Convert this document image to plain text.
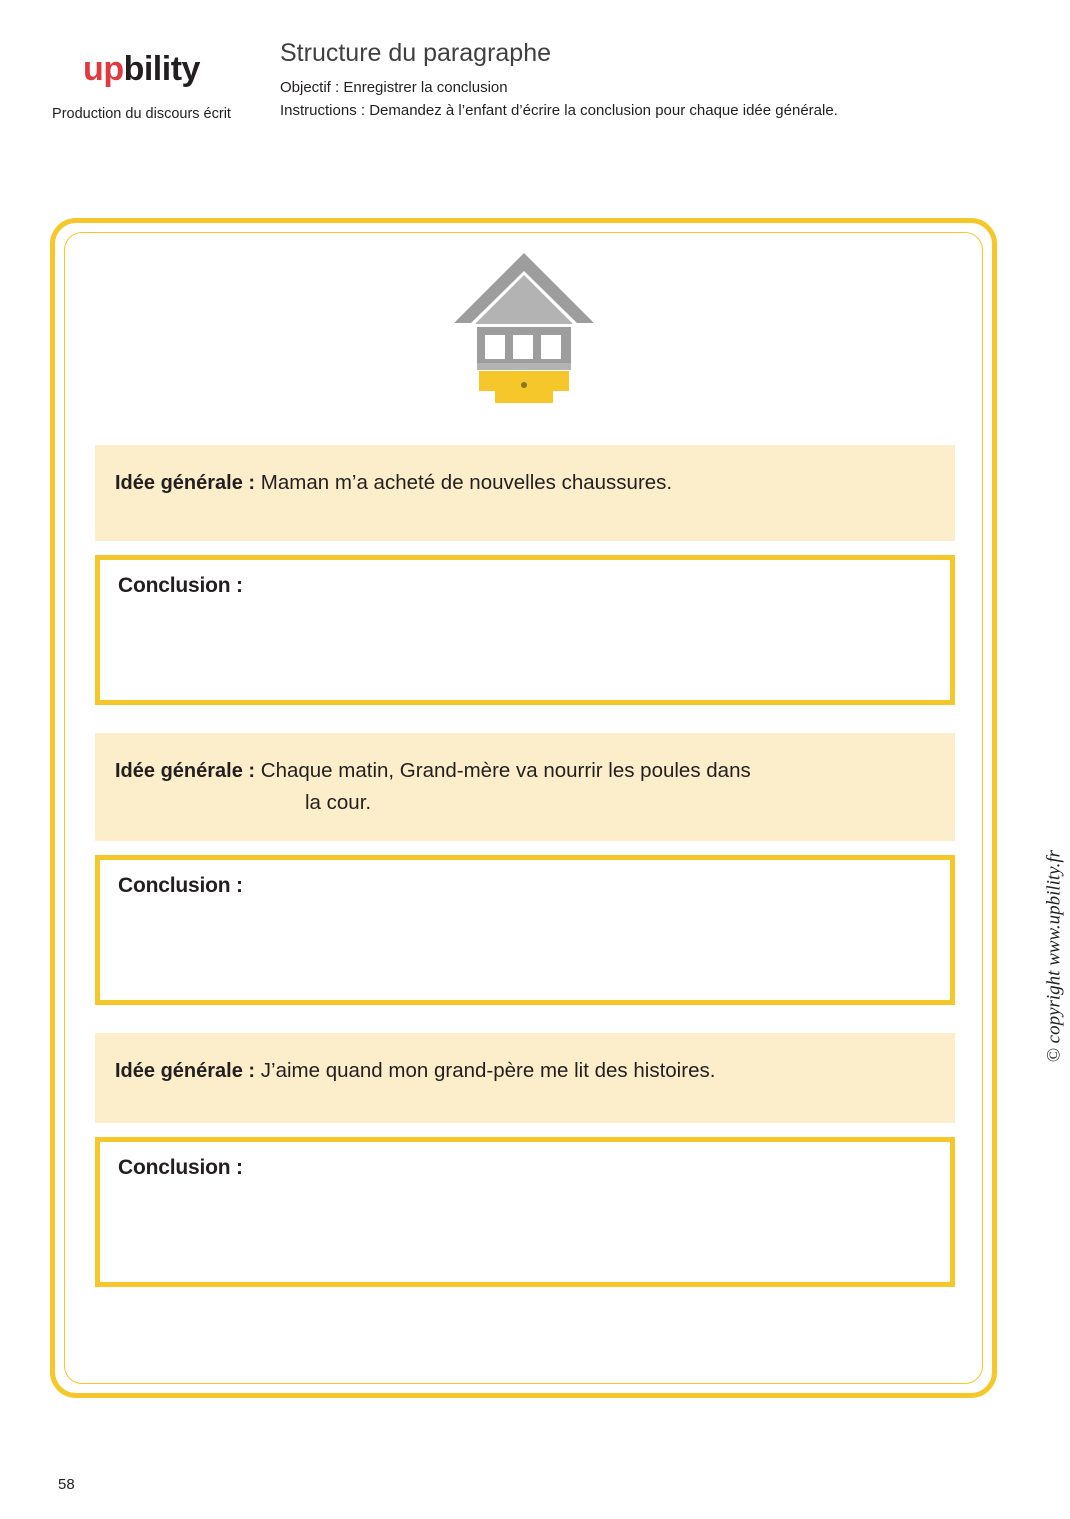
upbility
Production du discours écrit
Structure du paragraphe
Objectif : Enregistrer la conclusion
Instructions : Demandez à l’enfant d’écrire la conclusion pour chaque idée générale.
Idée générale : Maman m’a acheté de nouvelles chaussures.
Conclusion :
Idée générale : Chaque matin, Grand-mère va nourrir les poules dans
la cour.
Conclusion :
Idée générale : J’aime quand mon grand-père me lit des histoires.
Conclusion :
© copyright www.upbility.fr
58
